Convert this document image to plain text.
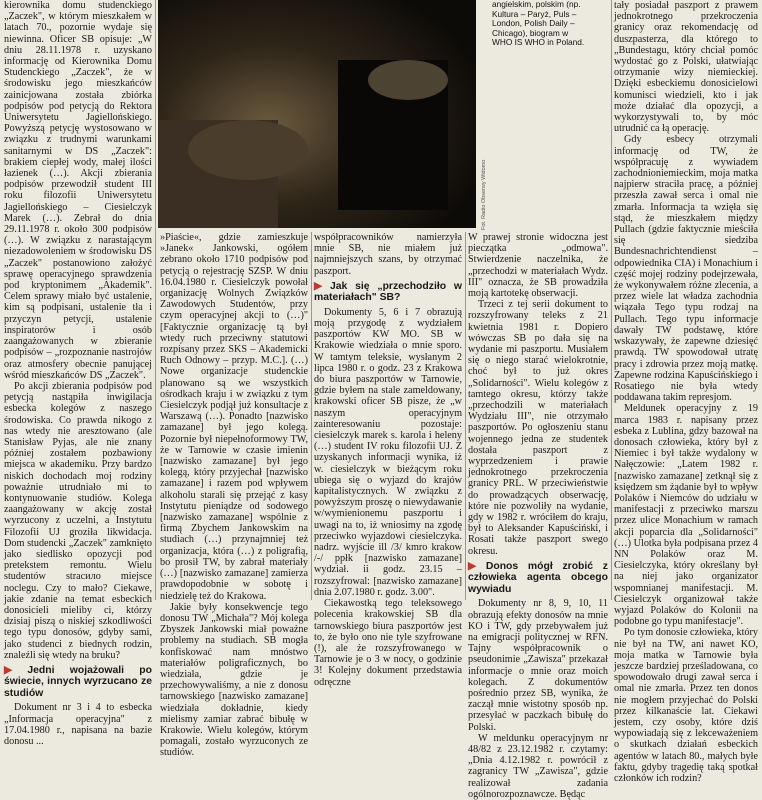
kierownika domu studenckiego „Zaczek", w którym mieszkałem w latach 70., pozornie wydaje się niewinna. Oficer SB opisuje: „W dniu 28.11.1978 r. uzyskano informację od Kierownika Domu Studenckiego „Zaczek", że w środowisku jego mieszkańców zainicjowana została zbiórka podpisów pod petycją do Rektora Uniwersytetu Jagiellońskiego. Powyższą petycję wystosowano w związku z trudnymi warunkami sanitarnymi w DS „Zaczek": brakiem ciepłej wody, małej ilości łazienek (…). Akcji zbierania podpisów przewodził student III roku filozofii Uniwersytetu Jagiellońskiego – Ciesielczyk Marek (…). Zebrał do dnia 29.11.1978 r. około 300 podpisów (…). W związku z narastającym niezadowoleniem w środowisku DS „Zaczek" postanowiono założyć sprawę operacyjnego sprawdzenia pod kryptonimem „Akademik". Celem sprawy miało być ustalenie, kim są podpisani, ustalenie tła i przyczyn petycji, ustalenie inspiratorów i osób zaangażowanych w zbieranie podpisów – „rozpoznanie nastrojów oraz atmosfery obecnie panującej wśród mieszkańców DS „Zaczek".

Po akcji zbierania podpisów pod petycją nastąpiła inwigilacja esbecka kolegów z naszego środowiska. Co prawda nikogo z nas wtedy nie aresztowano (ale Stanisław Pyjas, ale nie znany później zostałem pozbawiony miejsca w akademiku. Przy bardzo niskich dochodach moj rodziny poważnie utrudniało mi to kontynuowanie studiów. Kolega zaangażowany w akcję został wyrzucony z uczelni, a Instytutu Filozofii UJ groziła likwidacja. Dom studencki „Zaczek" zamknięto jako siedlisko opozycji pod pretekstem remontu. Wielu studentów stracило miejsce noclegu. Czy to mało? Ciekawe, jakie zdanie na temat esbeckich donosicieli mieliby ci, którzy dzisiaj piszą o niskiej szkodliwości tego typu donosów, gdyby sami, jako studenci z biednych rodzin, znaleźli się wtedy na bruku?

▶ Jedni wojażowali po świecie, innych wyrzucano ze studiów

Dokument nr 3 i 4 to esbecka „Informacja operacyjna" z 17.04.1980 r., napisana na bazie donosu ...

Fot. Radio Obserwy Widomo
angielskim, polskim (np. Kultura – Paryż, Puls – London, Polish Daily – Chicago), biogram w WHO IS WHO in Poland.

»Piaście«, gdzie zamieszkuje »Janek« Jankowski, ogółem zebrano około 1710 podpisów pod petycją o rejestrację SZSP. W dniu 16.04.1980 r. Ciesielczyk powołał organizację Wolnych Związków Zawodowych Studentów, przy czym operacyjnej akcji to (…)" [Faktycznie organizację tą był wtedy ruch przeciwny statutowi rozpisany przez SKS – Akademicki Ruch Odnowy – przyp. M.C.]. (…) Nowe organizacje studenckie planowano są we wszystkich ośrodkach kraju i w związku z tym Ciesielczyk podjął już konsultacje z Warszawą (…). Ponadto [nazwisko zamazane] był jego kolegą. Pozornie był niepełnoformowy TW, że w Tarnowie w czasie imienin [nazwisko zamazane] był jego kolegą, który przyjechał [nazwisko zamazane] i razem pod wpływem alkoholu starali się przejąć z kasy Instytutu pieniądze od sodowego [nazwisko zamazane] wspólnie z firmą Zbychem Jankowskim na studiach (…) przynajmniej też organizacja, która (…) z poligrafią, bo prosił TW, by zabrał materiały (…) [nazwisko zamazane] zamierza prawdopodobnie w sobotę i niedzielę też do Krakowa.

Jakie były konsekwencje tego donosu TW „Michała"? Mój kolega Zbyszek Jankowski miał poważne problemy na studiach. SB mogła konfiskować nam mnóstwo materiałów poligraficznych, bo wiedziała, gdzie je przechowywaliśmy, a nie z donosu tarnowskiego [nazwisko zamazane] wiedziała dokładnie, kiedy mielismy zamiar zabrać bibułę w Krakowie. Wielu kolegów, którym pomagali, zostało wyrzuconych ze studiów.

współpracowników namierzyła mnie SB, nie miałem już najmniejszych szans, by otrzymać paszport.

▶ Jak się „przechodziło w materiałach" SB?

Dokumenty 5, 6 i 7 obrazują moją przygodę z wydziałem paszportów KW MO. SB w Krakowie wiedziała o mnie sporo. W tamtym teleksie, wysłanym 2 lipca 1980 r. o godz. 23 z Krakowa do biura paszportów w Tarnowie, gdzie byłem na stale zameldowany, krakowski oficer SB pisze, że „w naszym operacyjnym zainteresowaniu pozostaje: ciesielczyk marek s. karola i heleny (…) student IV roku filozofii UJ. Z uzyskanych informacji wynika, iż w. ciesielczyk w bieżącym roku ubiega się o wyjazd do krajów kapitalistycznych. W związku z powyższym proszę o niewydawanie w/wymienionemu paszportu i uwagi na to, iż wniosimy na zgodę przeciwko wyjazdowi ciesielczyka. nadrz. wyjście ill /3/ kmro krakow /-/ ppłk [nazwisko zamazane] wydział. ii godz. 23.15 – rozszyfrowal: [nazwisko zamazane] dnia 2.07.1980 r. godz. 3.00".

Ciekawostką tego teleksowego polecenia krakowskiej SB dla tarnowskiego biura paszportów jest to, że było ono nie tyle szyfrowane (!), ale że rozszyfrowanego w Tarnowie je o 3 w nocy, o godzinie 3! Kolejny dokument przedstawia odręczne

W prawej stronie widoczna jest pieczątka „odmowa". Stwierdzenie naczelnika, że „przechodzi w materiałach Wydz. III" oznacza, że SB prowadziła moją kartotekę obserwacji.

Trzeci z tej serii dokument to rozszyfrowany teleks z 21 kwietnia 1981 r. Dopiero wówczas SB po dała się na wydanie mi paszportu. Musiałem się o niego starać wielokrotnie, choć był to już okres „Solidarności". Wielu kolegów z tamtego okresu, którzy także „przechodzili w materiałach Wydziału III", nie otrzymało paszportów. Po ogłoszeniu stanu wojennego jedna ze studentek dostała paszport z wyprzedzeniem i prawie jednokrotnego przekroczenia granicy PRL. W przeciwieństwie do prowadzących obserwację, które nie pozwoliły na wydanie, gdy w 1982 r. wróciłem do kraju, był to Aleksander Kapuściński, i Rosati także paszport swego okresu.

▶ Donos mógł zrobić z człowieka agenta obcego wywiadu

Dokumenty nr 8, 9, 10, 11 obrazują efekty donosów na mnie KO i TW, gdy przebywałem już na emigracji politycznej w RFN. Tajny współpracownik o pseudonimie „Zawisza" przekazał informacje o mnie oraz moich kolegach. Z dokumentów pośrednio przez SB, wynika, że zaczął mnie wistotny sposób np. przesyłać w paczkach bibułę do Polski.

W meldunku operacyjnym nr 48/82 z 23.12.1982 r. czytamy: „Dnia 4.12.1982 r. powrócił z zagranicy TW „Zawisza", gdzie realizował zadania ogólnorozpoznawcze. Będąc

tały posiadał paszport z prawem jednokrotnego przekroczenia granicy oraz rekomendację od duszpasterza, dla którego to „Bundestagu, który chciał pomóc wydostać go z Polski, ułatwiając otrzymanie wizy niemieckiej. Dzięki esbeckiemu donosicielowi komunisci wiedzieli, kto i jak może działać dla opozycji, a wykorzystywali to, by móc utrudnić ca łą operację.

Gdy esbecy otrzymali informację od TW, że współpracuję z wywiadem zachodnioniemieckim, moja matka najpierw straciła pracę, a później przeszła zawał serca i omal nie zmarła. Informacja ta wzięła się stąd, że mieszkałem między Pullach (gdzie faktycznie mieściła się siedziba Bundesnachrichtendienst – odpowiednika CIA) i Monachium i część mojej rodziny podejrzewała, że wykonywałem różne zlecenia, a przez wiele lat władza zachodnia wiązała Tego typu rodzaj na Pullach. Tego typu informacje dawały TW podstawę, które wskazywały, że zapewne dziesięć prawdą. TW spowodował utratę pracy i zdrowia przez moją matkę. Zapewne rodzina Kapuścińskiego i Rosatiego nie była wtedy poddawana takim represjom.

Meldunek operacyjny z 19 marca 1983 r. napisany przez esbeka z Lublina, gdzy bazował na donosach człowieka, który był z Niemiec i był także wydalony w Nałęczowie: „Latem 1982 r. [nazwisko zamazane] zetknął się z księdzem sm żądanie był to wpływ Polaków i Niemców do udziału w manifestacji z przeciwko marszu przez ulice Monachium w ramach akcji poparcia dla „Solidarności" (…) Ulotka była podpisana przez 4 NN Polaków oraz M. Ciesielczyka, który określany był na niej jako organizator wspomnianej manifestacji. M. Ciesielczyk organizował także wyjazd Polaków do Kolonii na podobne go typu manifestacje".

Po tym donosie człowieka, który nie był na TW, ani nawet KO, moja matka w Tarnowie była jeszcze bardziej prześladowana, co spowodowało drugi zawał serca i omal nie zmarła. Przez ten donos nie mogłem przyjechać do Polski przez kilkanaście lat. Ciekawi jestem, czy osoby, które dziś wypowiadają się z lekceważeniem o skutkach działań esbeckich agentów w latach 80., małych byłe faktu, gdyby tragedię taką spotkał członków ich rodzin?
